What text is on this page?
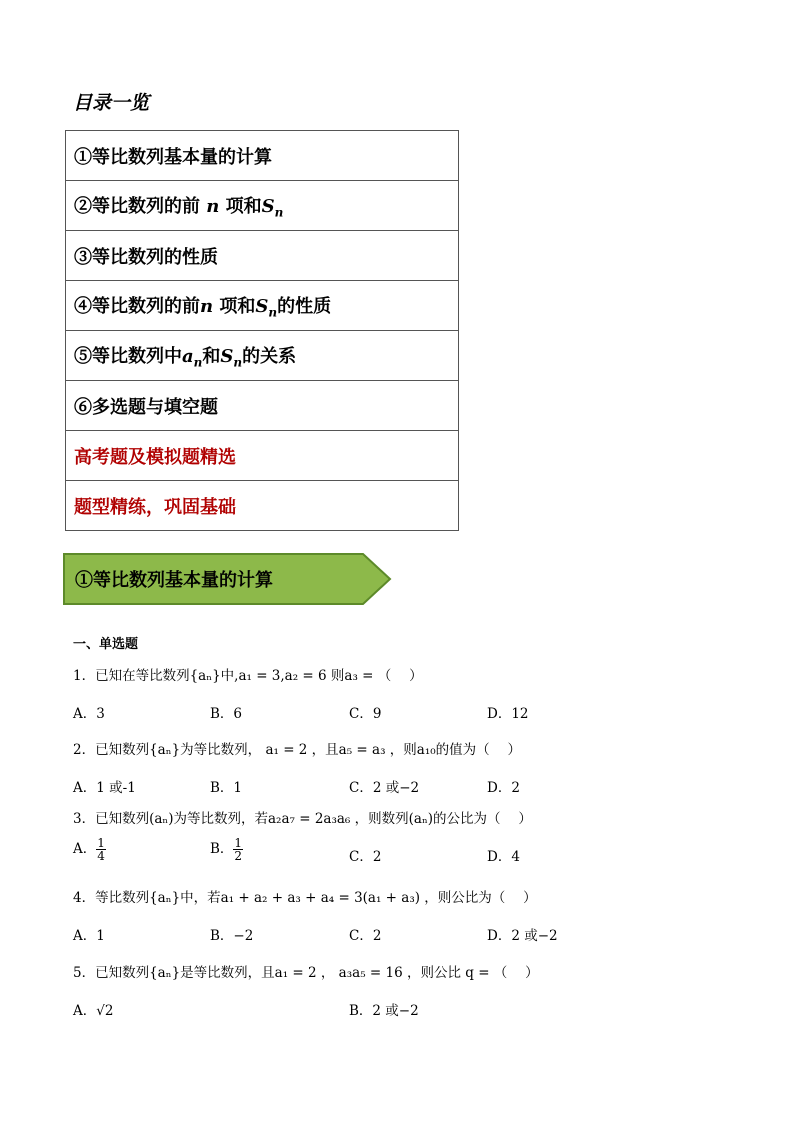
目录一览
①等比数列基本量的计算
②等比数列的前 n 项和$S_n$
③等比数列的性质
④等比数列的前n 项和$S_n$的性质
⑤等比数列中$a_n$和$S_n$的关系
⑥多选题与填空题
高考题及模拟题精选
题型精练，巩固基础
①等比数列基本量的计算
一、单选题
1．已知在等比数列{aₙ}中,a₁ = 3,a₂ = 6 则a₃ = （　 ）
A．3	B．6	C．9	D．12
2．已知数列{aₙ}为等比数列， a₁ = 2 ，且a₅ = a₃ ，则a₁₀的值为（　 ）
A．1 或-1	B．1	C．2 或−2	D．2
3．已知数列(aₙ)为等比数列，若a₂a₇ = 2a₃a₆ ，则数列(aₙ)的公比为（　 ）
A． $\frac{1}{4}$	B． $\frac{1}{2}$	C．2	D．4
4．等比数列{aₙ}中，若a₁ + a₂ + a₃ + a₄ = 3(a₁ + a₃) ，则公比为（　 ）
A．1	B．−2	C．2	D．2 或−2
5．已知数列{aₙ}是等比数列，且a₁ = 2 ， a₃a₅ = 16 ，则公比 q = （　 ）
A．√2	B．2 或−2
